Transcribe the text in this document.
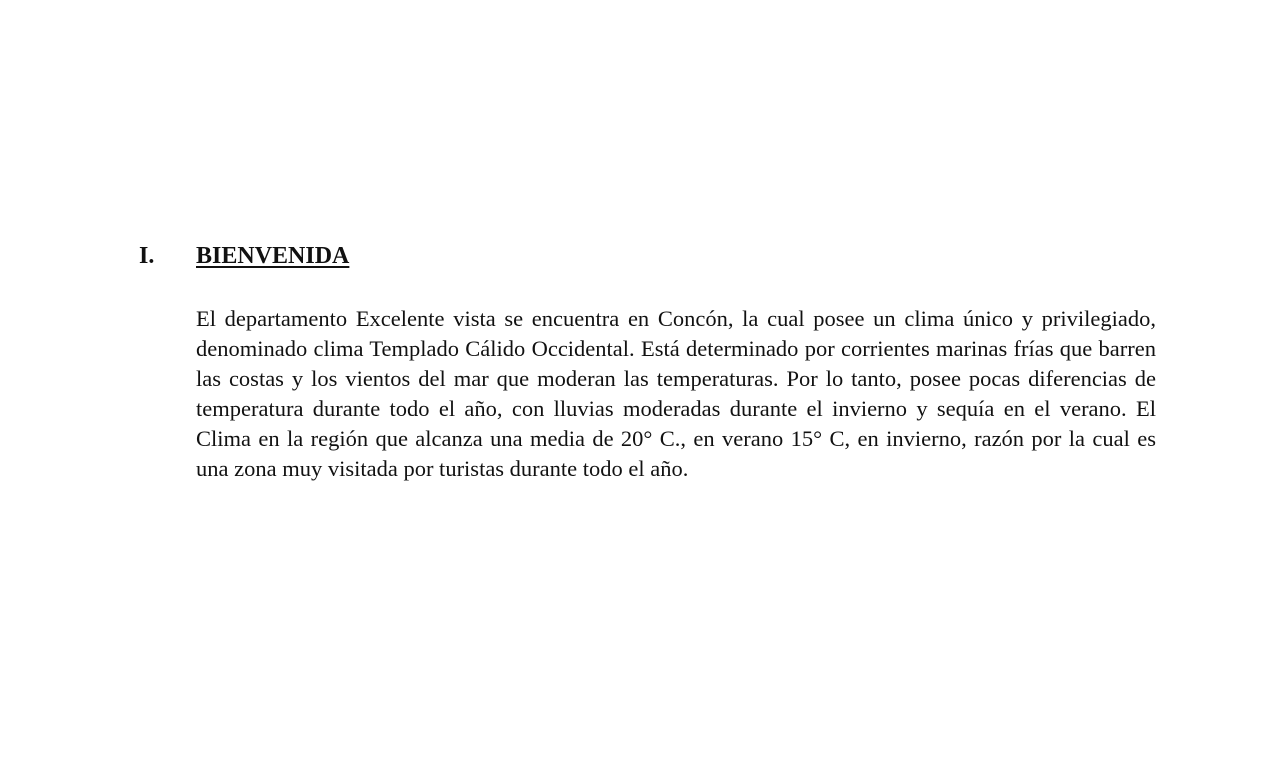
I.	BIENVENIDA

El departamento Excelente vista se encuentra en Concón, la cual posee un clima único y privilegiado, denominado clima Templado Cálido Occidental. Está determinado por corrientes marinas frías que barren las costas y los vientos del mar que moderan las temperaturas. Por lo tanto, posee pocas diferencias de temperatura durante todo el año, con lluvias moderadas durante el invierno y sequía en el verano. El Clima en la región que alcanza una media de 20° C., en verano 15° C, en invierno, razón por la cual es una zona muy visitada por turistas durante todo el año.
